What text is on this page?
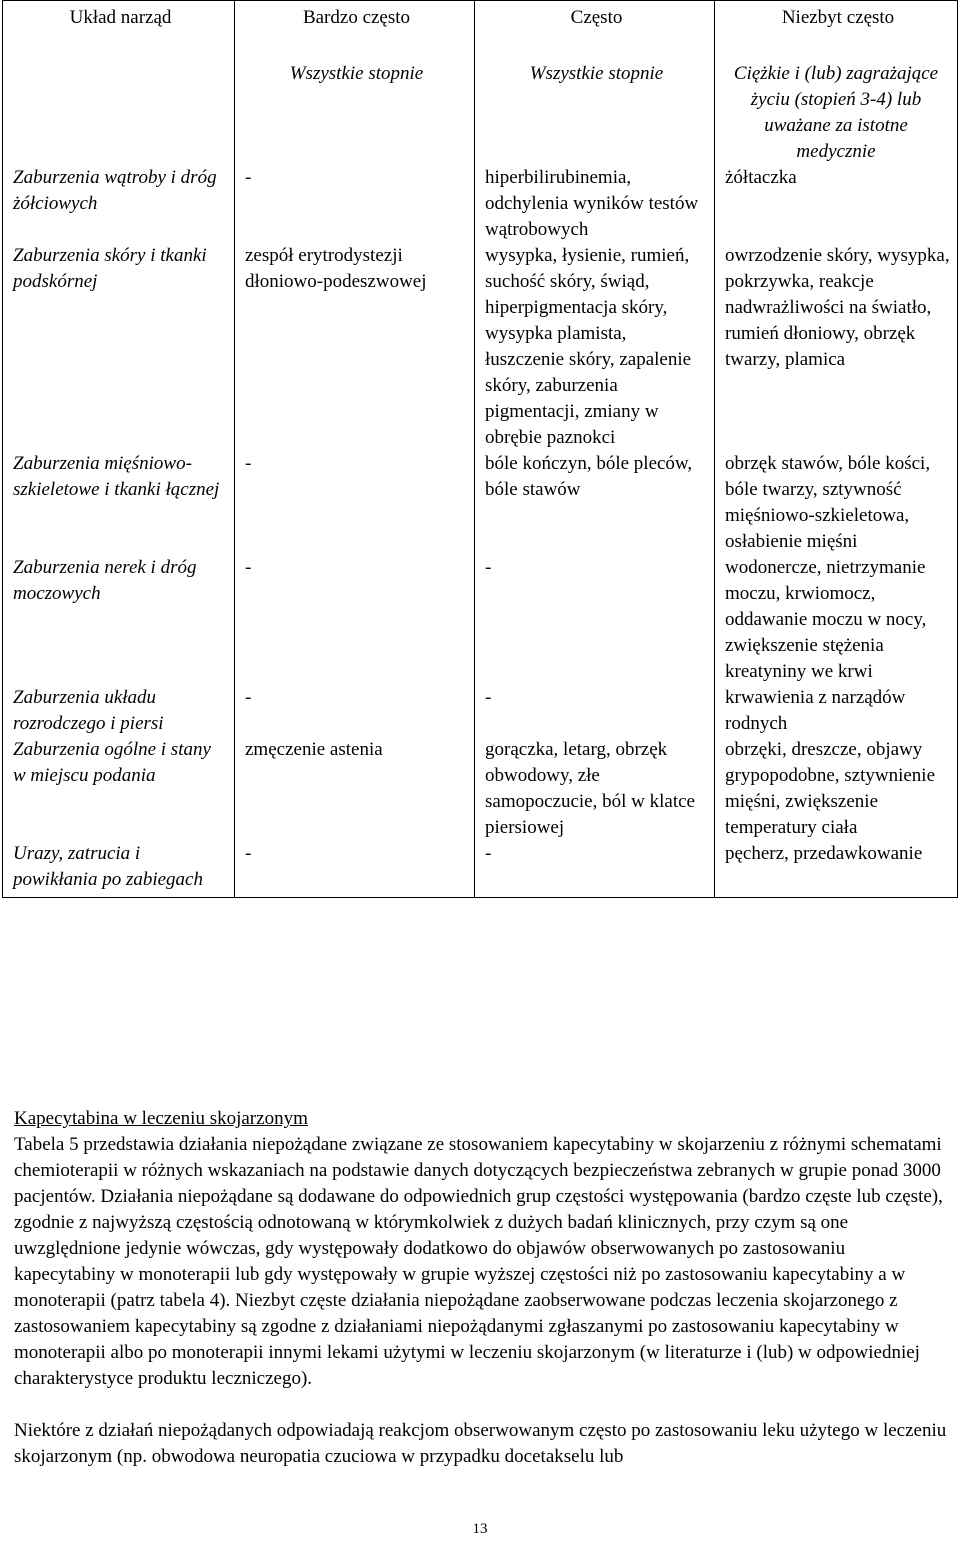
Układ narząd	Bardzo często	Często	Niezbyt często
	Wszystkie stopnie	Wszystkie stopnie	Ciężkie i (lub) zagrażające życiu (stopień 3-4) lub uważane za istotne medycznie
Zaburzenia wątroby i dróg żółciowych	-	hiperbilirubinemia, odchylenia wyników testów wątrobowych	żółtaczka
Zaburzenia skóry i tkanki podskórnej	zespół erytrodystezji dłoniowo-podeszwowej	wysypka, łysienie, rumień, suchość skóry, świąd, hiperpigmentacja skóry, wysypka plamista, łuszczenie skóry, zapalenie skóry, zaburzenia pigmentacji, zmiany w obrębie paznokci	owrzodzenie skóry, wysypka, pokrzywka, reakcje nadwrażliwości na światło, rumień dłoniowy, obrzęk twarzy, plamica
Zaburzenia mięśniowo-szkieletowe i tkanki łącznej	-	bóle kończyn, bóle pleców, bóle stawów	obrzęk stawów, bóle kości, bóle twarzy, sztywność mięśniowo-szkieletowa, osłabienie mięśni
Zaburzenia nerek i dróg moczowych	-	-	wodonercze, nietrzymanie moczu, krwiomocz, oddawanie moczu w nocy, zwiększenie stężenia kreatyniny we krwi
Zaburzenia układu rozrodczego i piersi	-	-	krwawienia z narządów rodnych
Zaburzenia ogólne i stany w miejscu podania	zmęczenie astenia	gorączka, letarg, obrzęk obwodowy, złe samopoczucie, ból w klatce piersiowej	obrzęki, dreszcze, objawy grypopodobne, sztywnienie mięśni, zwiększenie temperatury ciała
Urazy, zatrucia i powikłania po zabiegach	-	-	pęcherz, przedawkowanie

Kapecytabina w leczeniu skojarzonym

Tabela 5 przedstawia działania niepożądane związane ze stosowaniem kapecytabiny w skojarzeniu z różnymi schematami chemioterapii w różnych wskazaniach na podstawie danych dotyczących bezpieczeństwa zebranych w grupie ponad 3000 pacjentów. Działania niepożądane są dodawane do odpowiednich grup częstości występowania (bardzo częste lub częste), zgodnie z najwyższą częstością odnotowaną w którymkolwiek z dużych badań klinicznych, przy czym są one uwzględnione jedynie wówczas, gdy występowały dodatkowo do objawów obserwowanych po zastosowaniu kapecytabiny w monoterapii lub gdy występowały w grupie wyższej częstości niż po zastosowaniu kapecytabiny a w monoterapii (patrz tabela 4). Niezbyt częste działania niepożądane zaobserwowane podczas leczenia skojarzonego z zastosowaniem kapecytabiny są zgodne z działaniami niepożądanymi zgłaszanymi po zastosowaniu kapecytabiny w monoterapii albo po monoterapii innymi lekami użytymi w leczeniu skojarzonym (w literaturze i (lub) w odpowiedniej charakterystyce produktu leczniczego).

Niektóre z działań niepożądanych odpowiadają reakcjom obserwowanym często po zastosowaniu leku użytego w leczeniu skojarzonym (np. obwodowa neuropatia czuciowa w przypadku docetakselu lub

13
